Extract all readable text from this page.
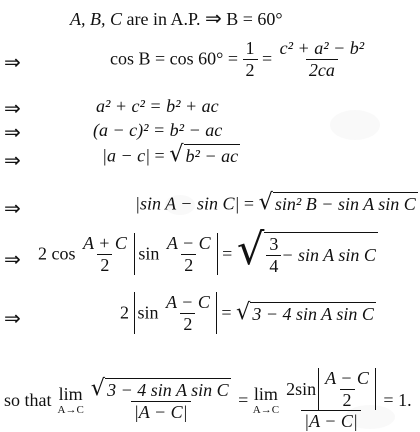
A, B, C are in A.P. ⇒ B = 60°
⇒
⇒
⇒
⇒
⇒
⇒
⇒
$\cos B = \cos 60^\circ = \frac{1}{2} = \frac{\text{c² + a² − b²}}{2ca}$
a² + c² = b² + ac
(a − c)² = b² − ac
|a − c| = √ b² − ac
|sin A − sin C| = √ sin² B − sin A sin C
2 $\cos \frac{A + C}{2}$ $\sin \frac{A - C}{2}$ = √ $\frac{3}{4} - \sin A$ sin C
2 $\sin \frac{A - C}{2}$ = √ 3 − 4 sin A sin C
so that lim
$A\to C \frac{\text{√ 3 − 4 sin A sin C}}{|A - C|} = \lim$
$A\to C \frac{2\sin \frac{A - C}{2}}{|A - C|} = 1$.
